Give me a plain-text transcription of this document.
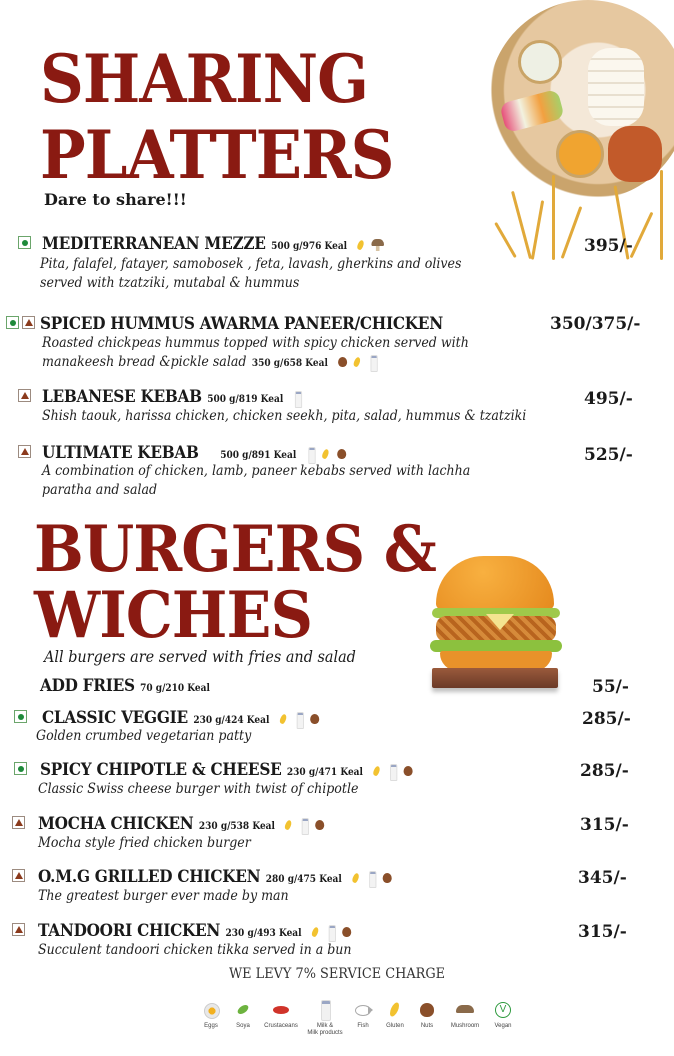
SHARING
PLATTERS
Dare to share!!!
MEDITERRANEAN MEZZE 500 g/976 Keal
Pita, falafel, fatayer, samobosek , feta, lavash, gherkins and olives
served with tzatziki, mutabal & hummus
395/-
SPICED HUMMUS AWARMA PANEER/CHICKEN
Roasted chickpeas hummus topped with spicy chicken served with
manakeesh bread &pickle salad 350 g/658 Keal
350/375/-
LEBANESE KEBAB 500 g/819 Keal
Shish taouk, harissa chicken, chicken seekh, pita, salad, hummus & tzatziki
495/-
ULTIMATE KEBAB 500 g/891 Keal
A combination of chicken, lamb, paneer kebabs served with lachha
paratha and salad
525/-
BURGERS &
WICHES
All burgers are served with fries and salad
ADD FRIES 70 g/210 Keal	55/-
CLASSIC VEGGIE 230 g/424 Keal
Golden crumbed vegetarian patty
285/-
SPICY CHIPOTLE & CHEESE 230 g/471 Keal
Classic Swiss cheese burger with twist of chipotle
285/-
MOCHA CHICKEN 230 g/538 Keal
Mocha style fried chicken burger
315/-
O.M.G GRILLED CHICKEN 280 g/475 Keal
The greatest burger ever made by man
345/-
TANDOORI CHICKEN 230 g/493 Keal
Succulent tandoori chicken tikka served in a bun
315/-
WE LEVY 7% SERVICE CHARGE
Eggs	Soya Crustaceans	Milk &
Milk products
Fish	Gluten	Nuts	Mushroom
V	Vegan
